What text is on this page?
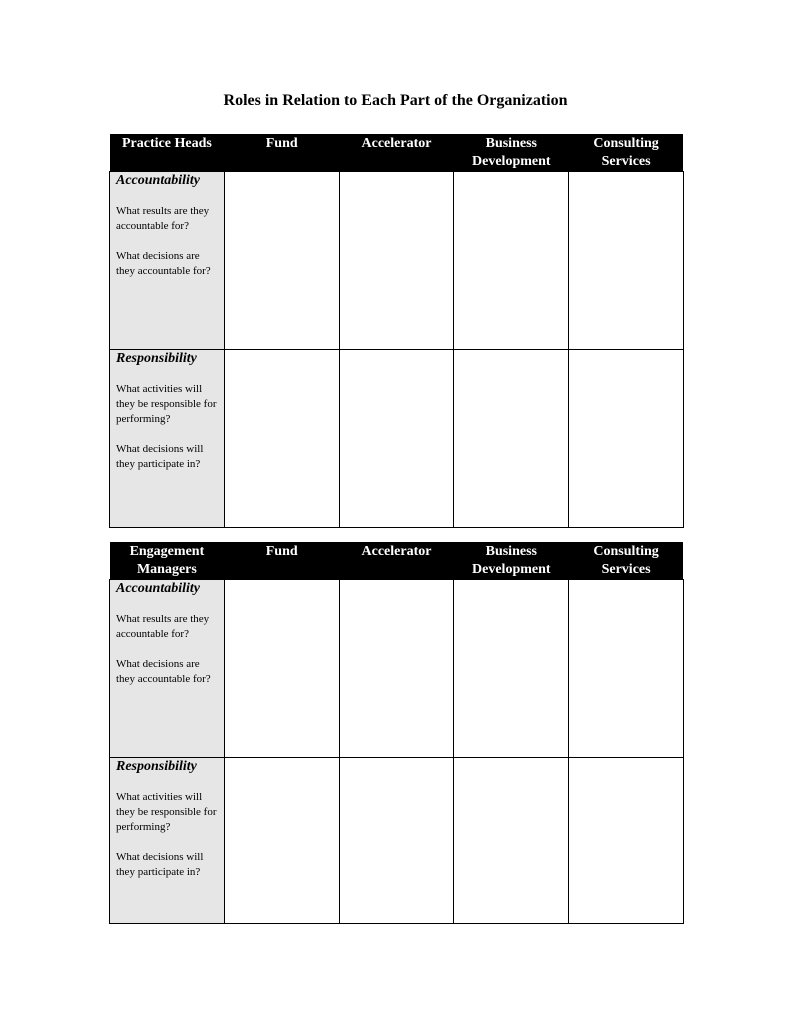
Roles in Relation to Each Part of the Organization
Practice Heads	Fund	Accelerator	Business Development	Consulting Services

Accountability
What results are they accountable for?
What decisions are they accountable for?				

Responsibility
What activities will they be responsible for performing?
What decisions will they participate in?				

Engagement Managers	Fund	Accelerator	Business Development	Consulting Services

Accountability
What results are they accountable for?
What decisions are they accountable for?				

Responsibility
What activities will they be responsible for performing?
What decisions will they participate in?				
